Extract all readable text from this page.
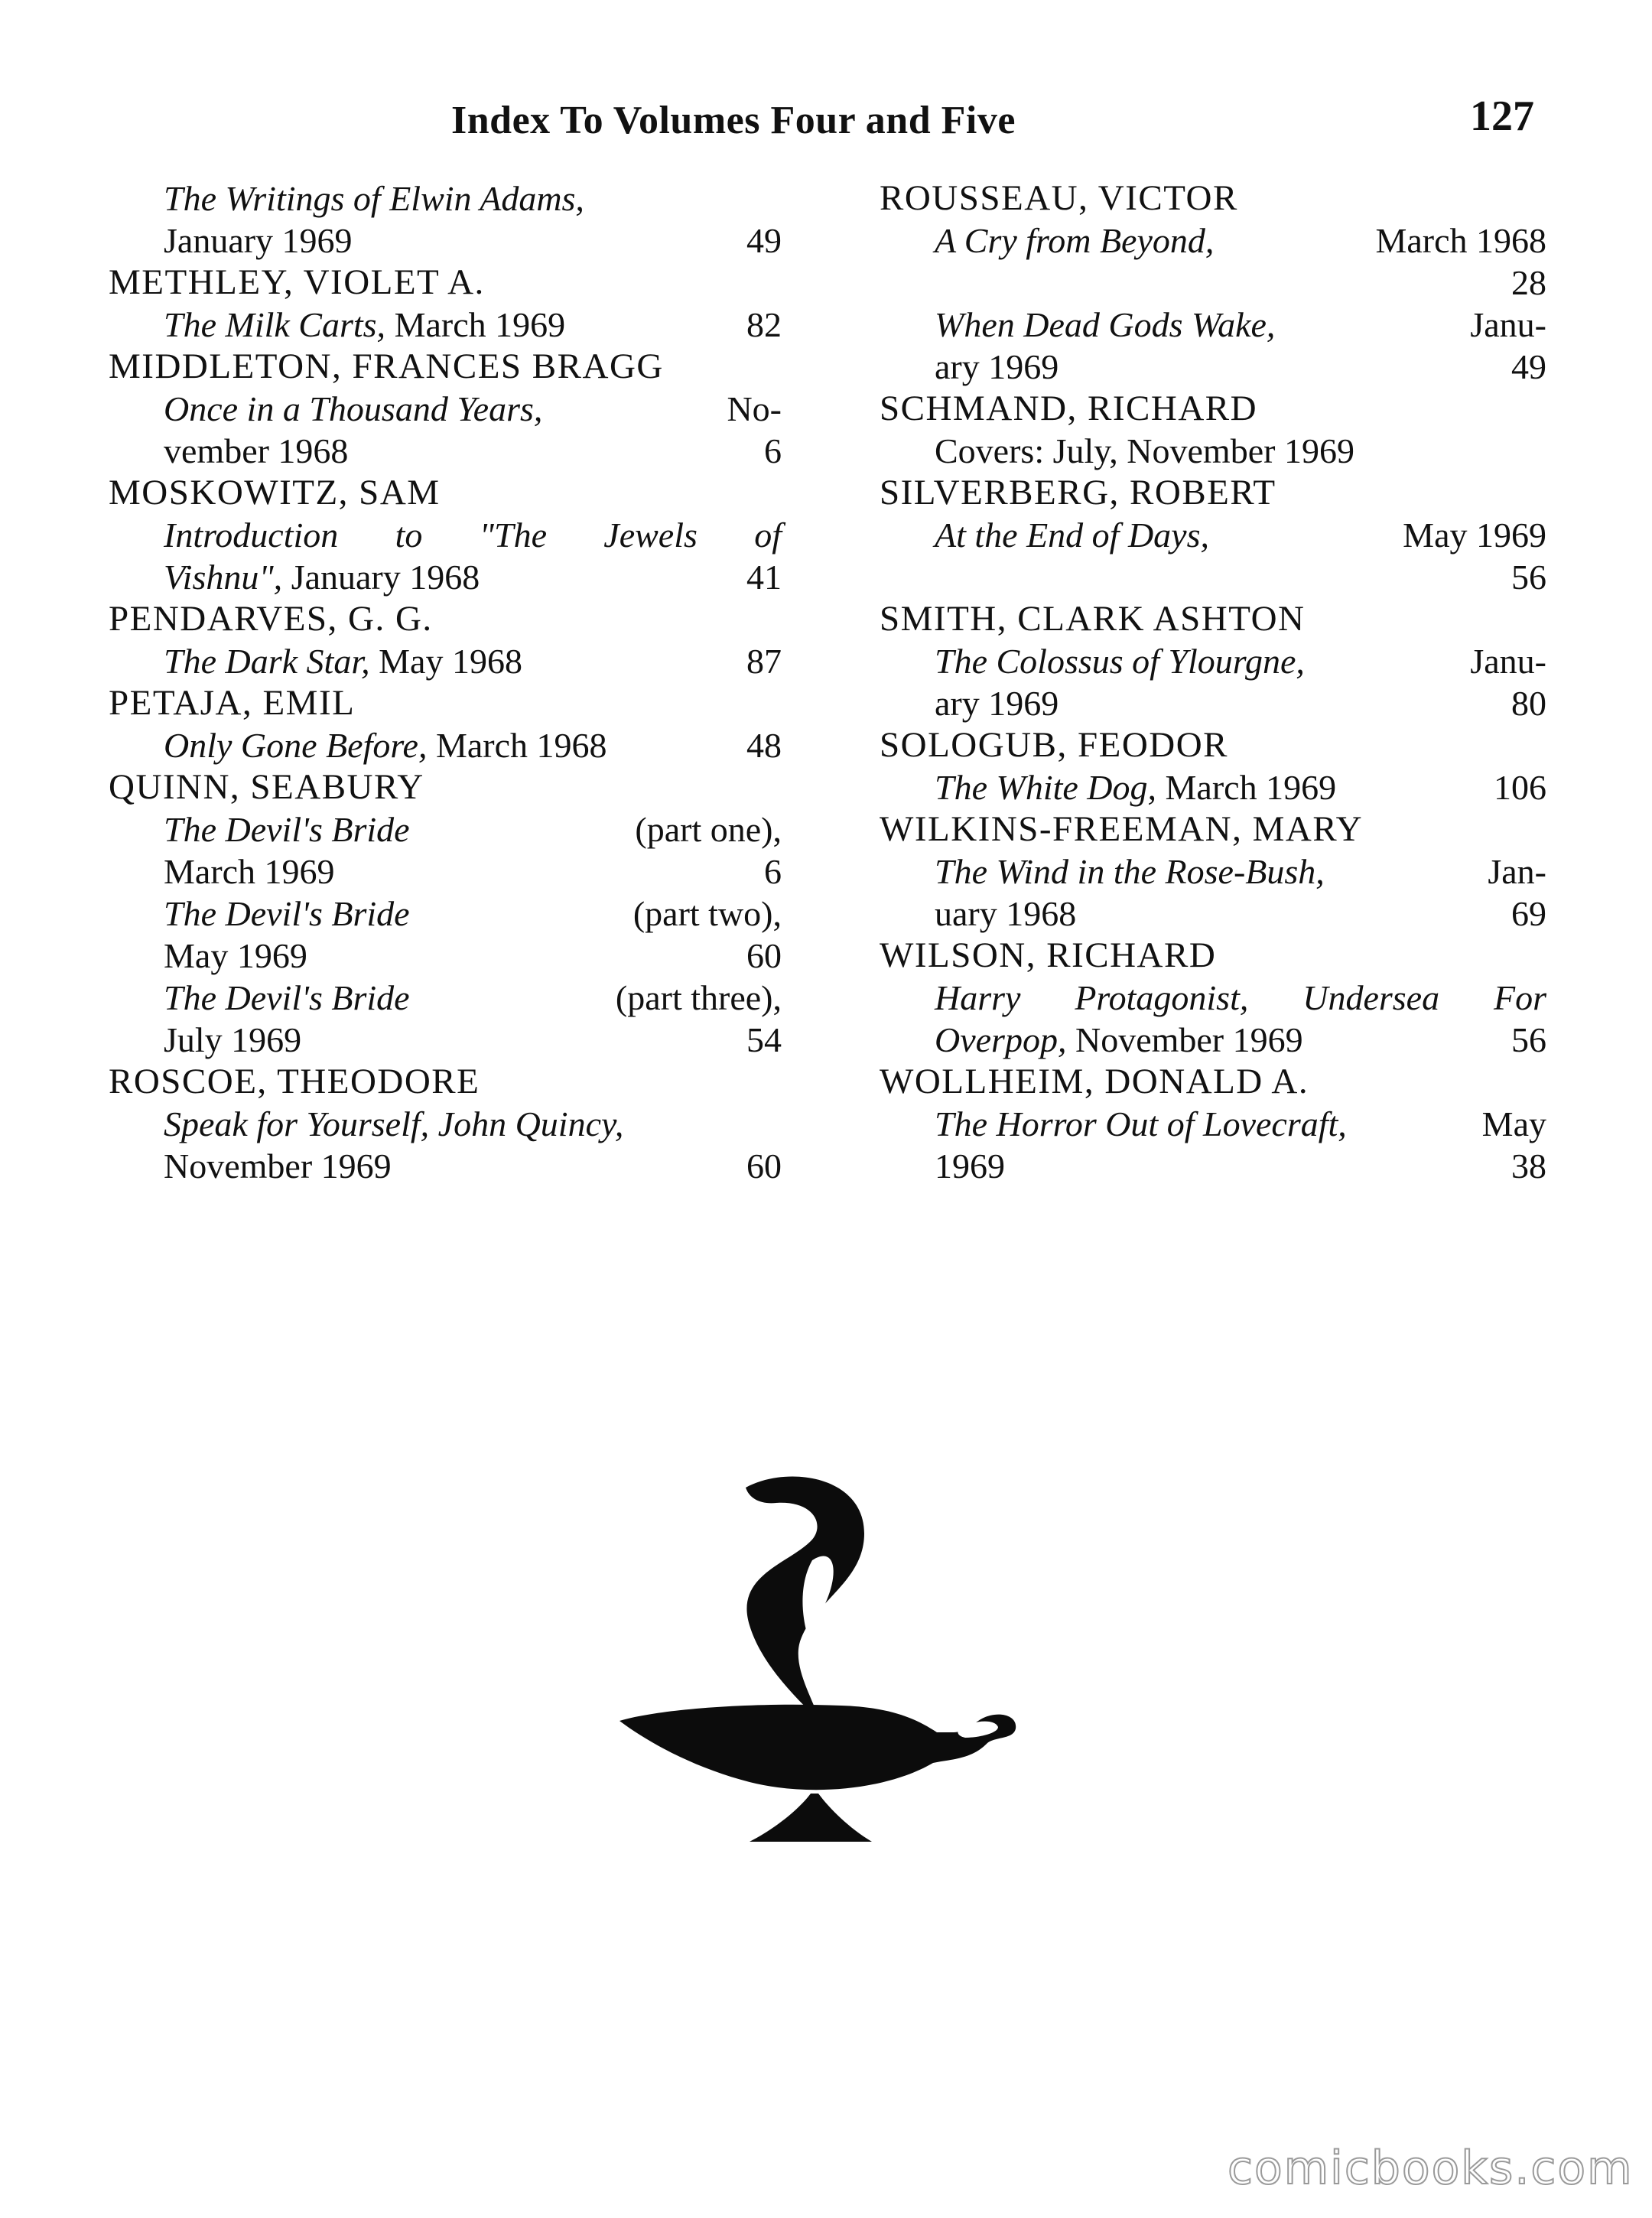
Index To Volumes Four and Five	127
The Writings of Elwin Adams,
January 1969	49
METHLEY, VIOLET A.
The Milk Carts, March 1969	82
MIDDLETON, FRANCES BRAGG
Once in a Thousand Years,	No-
vember 1968	6
MOSKOWITZ, SAM
Introduction to "The Jewels of
Vishnu", January 1968	41
PENDARVES, G. G.
The Dark Star, May 1968	87
PETAJA, EMIL
Only Gone Before, March 1968	48
QUINN, SEABURY
The Devil's Bride	(part one),
March 1969	6
The Devil's Bride	(part two),
May 1969	60
The Devil's Bride	(part three),
July 1969	54
ROSCOE, THEODORE
Speak for Yourself, John Quincy,
November 1969	60
ROUSSEAU, VICTOR
A Cry from Beyond,	March 1968
28
When Dead Gods Wake,	Janu-
ary 1969	49
SCHMAND, RICHARD
Covers: July, November 1969
SILVERBERG, ROBERT
At the End of Days,	May 1969
56
SMITH, CLARK ASHTON
The Colossus of Ylourgne,	Janu-
ary 1969	80
SOLOGUB, FEODOR
The White Dog, March 1969	106
WILKINS-FREEMAN, MARY
The Wind in the Rose-Bush,	Jan-
uary 1968	69
WILSON, RICHARD
Harry Protagonist, Undersea For
Overpop, November 1969	56
WOLLHEIM, DONALD A.
The Horror Out of Lovecraft,	May
1969	38
comicbooks.com
